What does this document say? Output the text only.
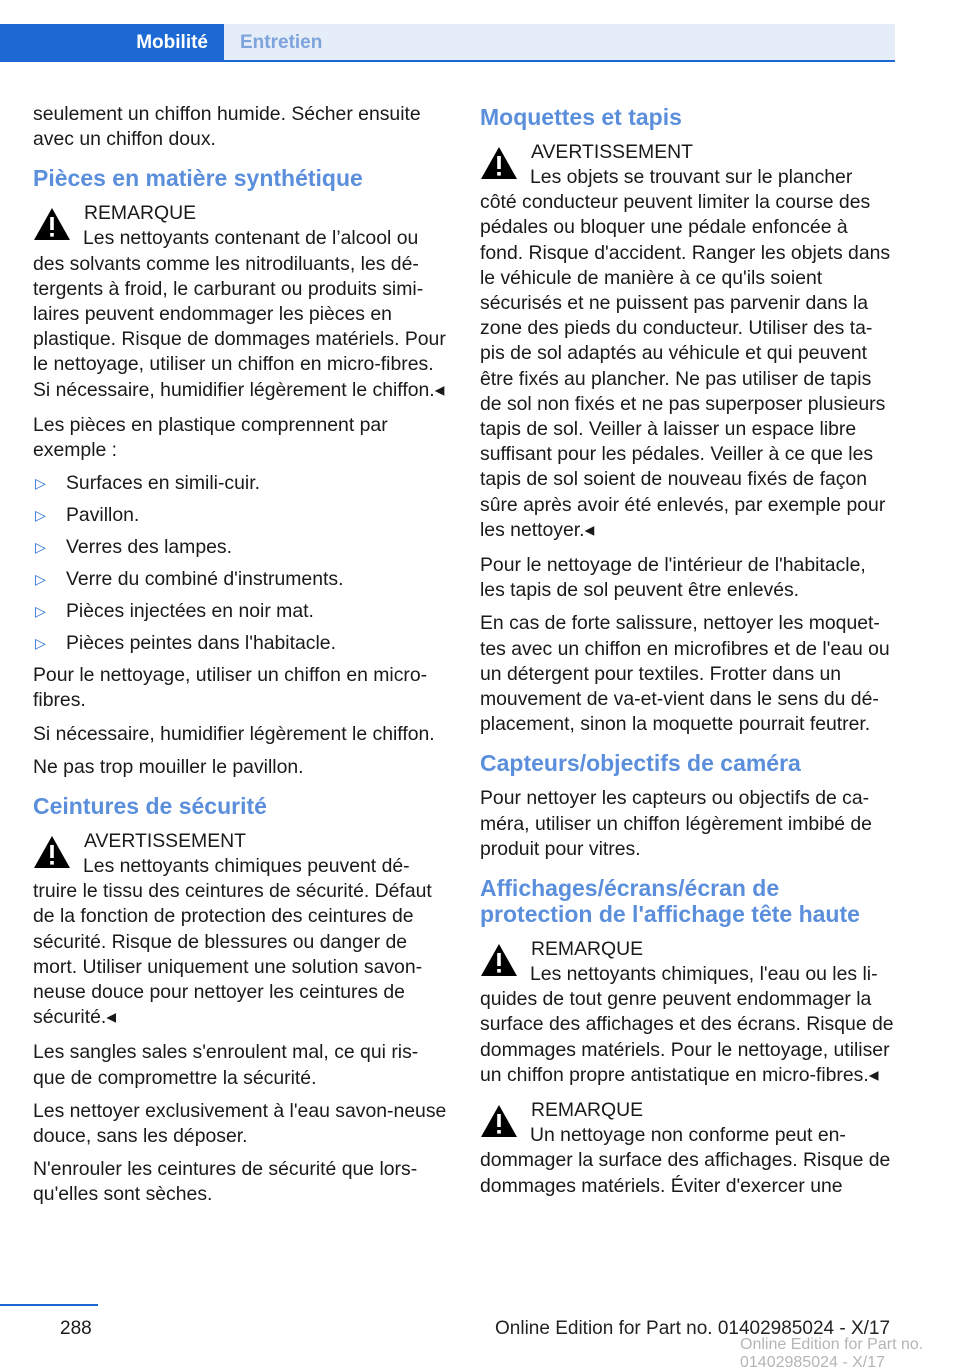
Mobilité	Entretien

seulement un chiffon humide. Sécher ensuite avec un chiffon doux.

Pièces en matière synthétique
REMARQUE
Les nettoyants contenant de l’alcool ou des solvants comme les nitrodiluants, les dé‐tergents à froid, le carburant ou produits simi‐laires peuvent endommager les pièces en plastique. Risque de dommages matériels. Pour le nettoyage, utiliser un chiffon en micro‐fibres. Si nécessaire, humidifier légèrement le chiffon.◂

Les pièces en plastique comprennent par exemple :

▷ Surfaces en simili-cuir.
▷ Pavillon.
▷ Verres des lampes.
▷ Verre du combiné d'instruments.
▷ Pièces injectées en noir mat.
▷ Pièces peintes dans l'habitacle.

Pour le nettoyage, utiliser un chiffon en micro‐fibres.

Si nécessaire, humidifier légèrement le chiffon.

Ne pas trop mouiller le pavillon.

Ceintures de sécurité
AVERTISSEMENT
Les nettoyants chimiques peuvent dé‐truire le tissu des ceintures de sécurité. Défaut de la fonction de protection des ceintures de sécurité. Risque de blessures ou danger de mort. Utiliser uniquement une solution savon‐neuse douce pour nettoyer les ceintures de sécurité.◂

Les sangles sales s'enroulent mal, ce qui ris‐que de compromettre la sécurité.

Les nettoyer exclusivement à l'eau savon‐neuse douce, sans les déposer.

N'enrouler les ceintures de sécurité que lors‐qu'elles sont sèches.

Moquettes et tapis
AVERTISSEMENT
Les objets se trouvant sur le plancher côté conducteur peuvent limiter la course des pédales ou bloquer une pédale enfoncée à fond. Risque d'accident. Ranger les objets dans le véhicule de manière à ce qu'ils soient sécurisés et ne puissent pas parvenir dans la zone des pieds du conducteur. Utiliser des ta‐pis de sol adaptés au véhicule et qui peuvent être fixés au plancher. Ne pas utiliser de tapis de sol non fixés et ne pas superposer plusieurs tapis de sol. Veiller à laisser un espace libre suffisant pour les pédales. Veiller à ce que les tapis de sol soient de nouveau fixés de façon sûre après avoir été enlevés, par exemple pour les nettoyer.◂

Pour le nettoyage de l'intérieur de l'habitacle, les tapis de sol peuvent être enlevés.

En cas de forte salissure, nettoyer les moquet‐tes avec un chiffon en microfibres et de l'eau ou un détergent pour textiles. Frotter dans un mouvement de va-et-vient dans le sens du dé‐placement, sinon la moquette pourrait feutrer.

Capteurs/objectifs de caméra

Pour nettoyer les capteurs ou objectifs de ca‐méra, utiliser un chiffon légèrement imbibé de produit pour vitres.

Affichages/écrans/écran de protection de l'affichage tête haute
REMARQUE
Les nettoyants chimiques, l'eau ou les li‐quides de tout genre peuvent endommager la surface des affichages et des écrans. Risque de dommages matériels. Pour le nettoyage, utiliser un chiffon propre antistatique en micro‐fibres.◂
REMARQUE
Un nettoyage non conforme peut en‐dommager la surface des affichages. Risque de dommages matériels. Éviter d'exercer une
288	Online Edition for Part no. 01402985024 - X/17
Online Edition for Part no. 01402985024 - X/17
